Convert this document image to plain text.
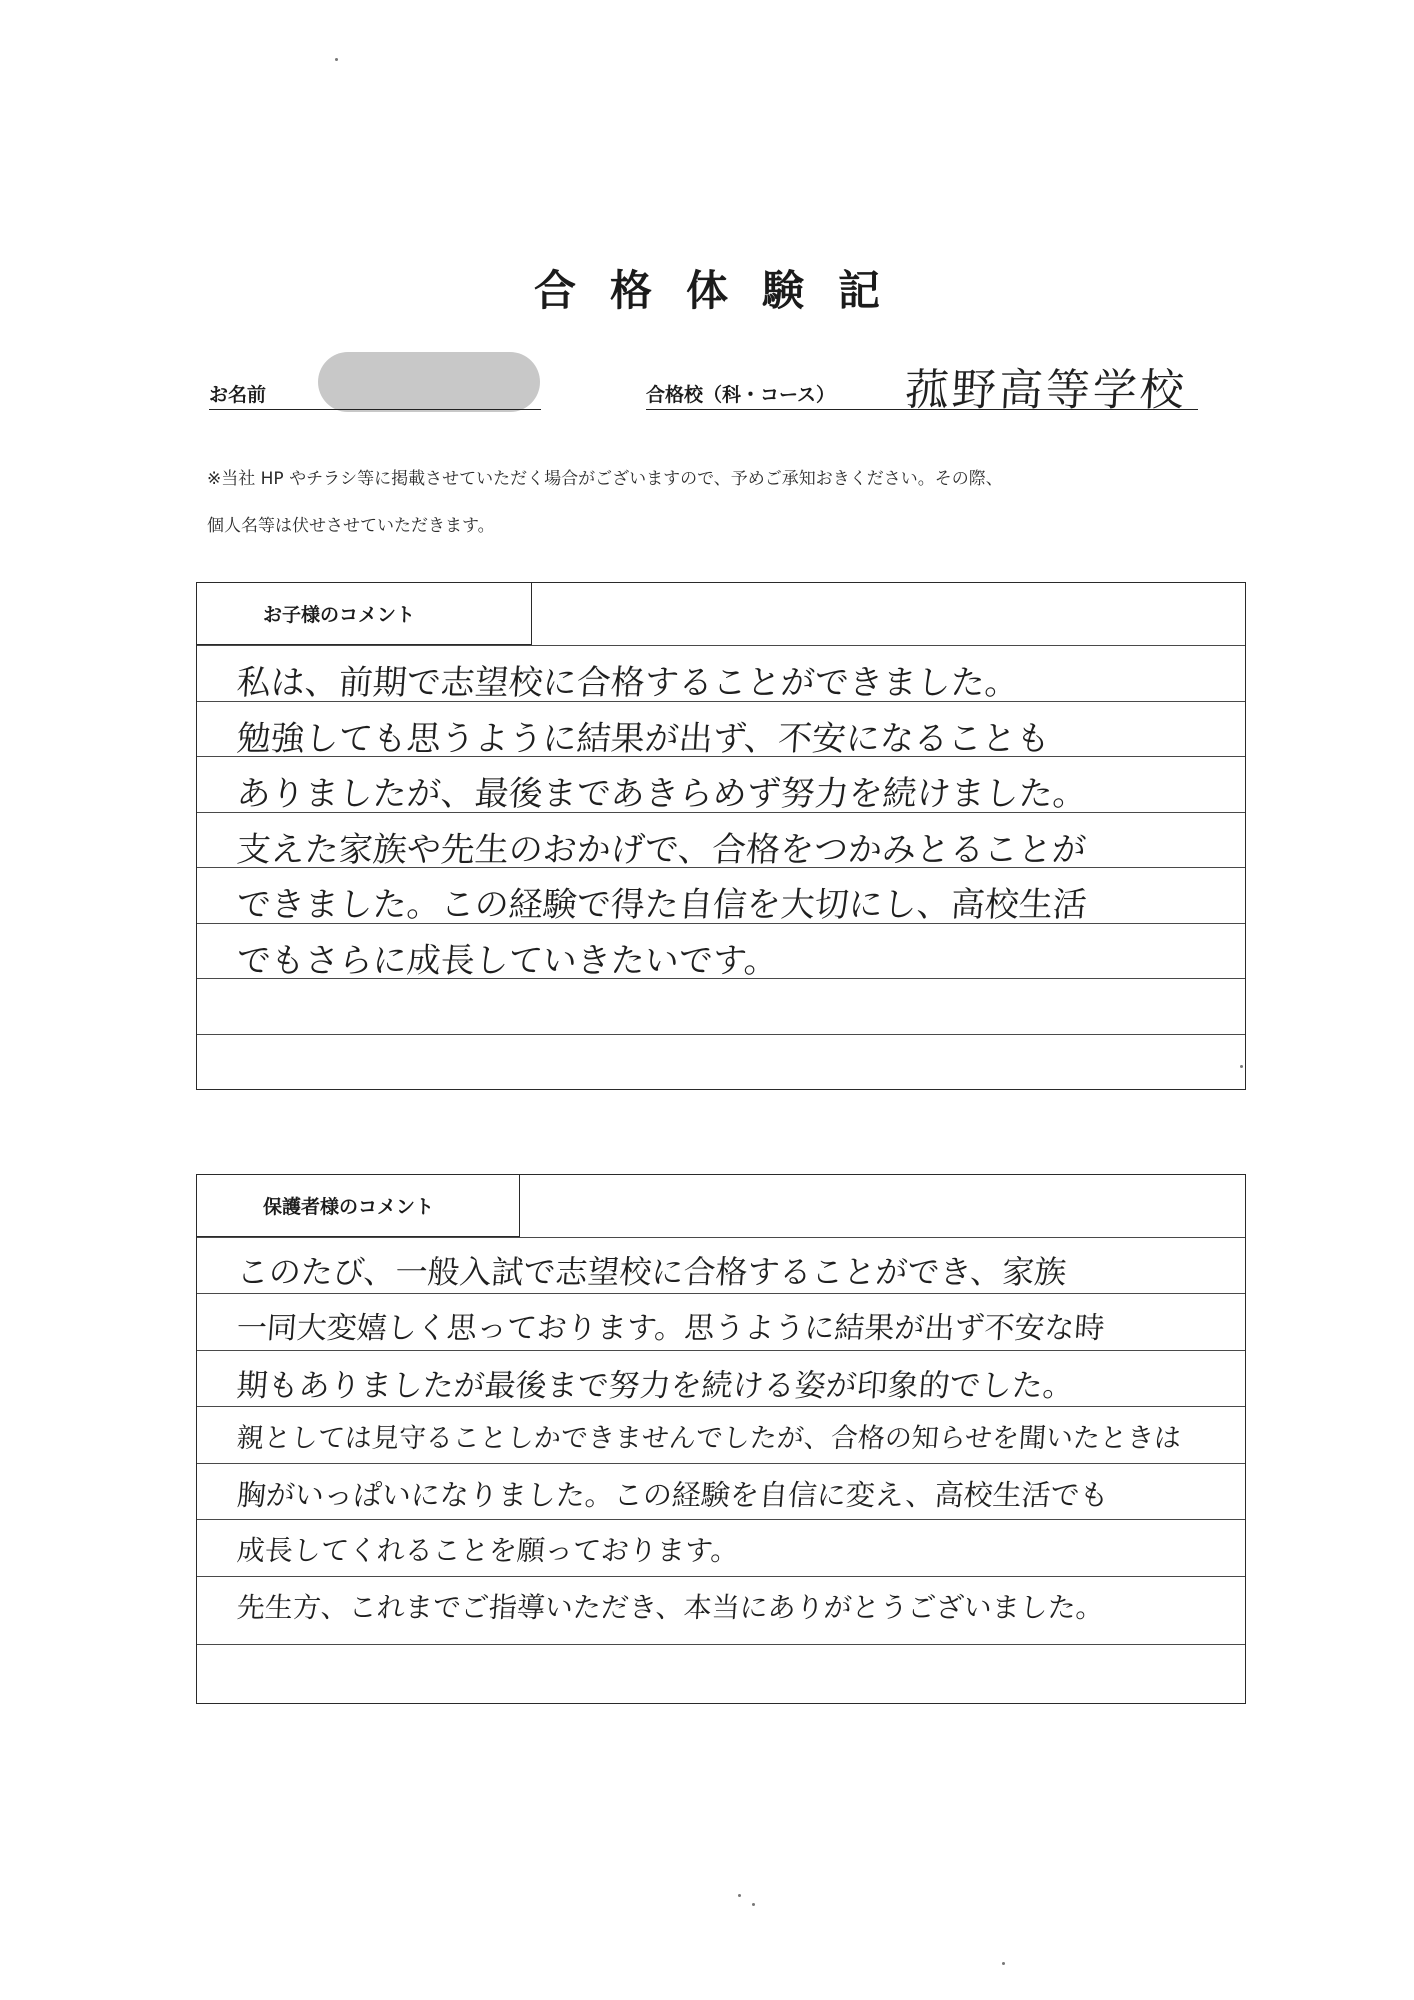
合格体験記
お名前	合格校（科・コース） 菰野高等学校
※当社 HP やチラシ等に掲載させていただく場合がございますので、予めご承知おきください。その際、
個人名等は伏せさせていただきます。
お子様のコメント
私は、前期で志望校に合格することができました。
勉強しても思うように結果が出ず、不安になることも
ありましたが、最後まであきらめず努力を続けました。
支えた家族や先生のおかげで、合格をつかみとることが
できました。この経験で得た自信を大切にし、高校生活
でもさらに成長していきたいです。
保護者様のコメント
このたび、一般入試で志望校に合格することができ、家族
一同大変嬉しく思っております。思うように結果が出ず不安な時
期もありましたが最後まで努力を続ける姿が印象的でした。
親としては見守ることしかできませんでしたが、合格の知らせを聞いたときは
胸がいっぱいになりました。この経験を自信に変え、高校生活でも
成長してくれることを願っております。
先生方、これまでご指導いただき、本当にありがとうございました。
